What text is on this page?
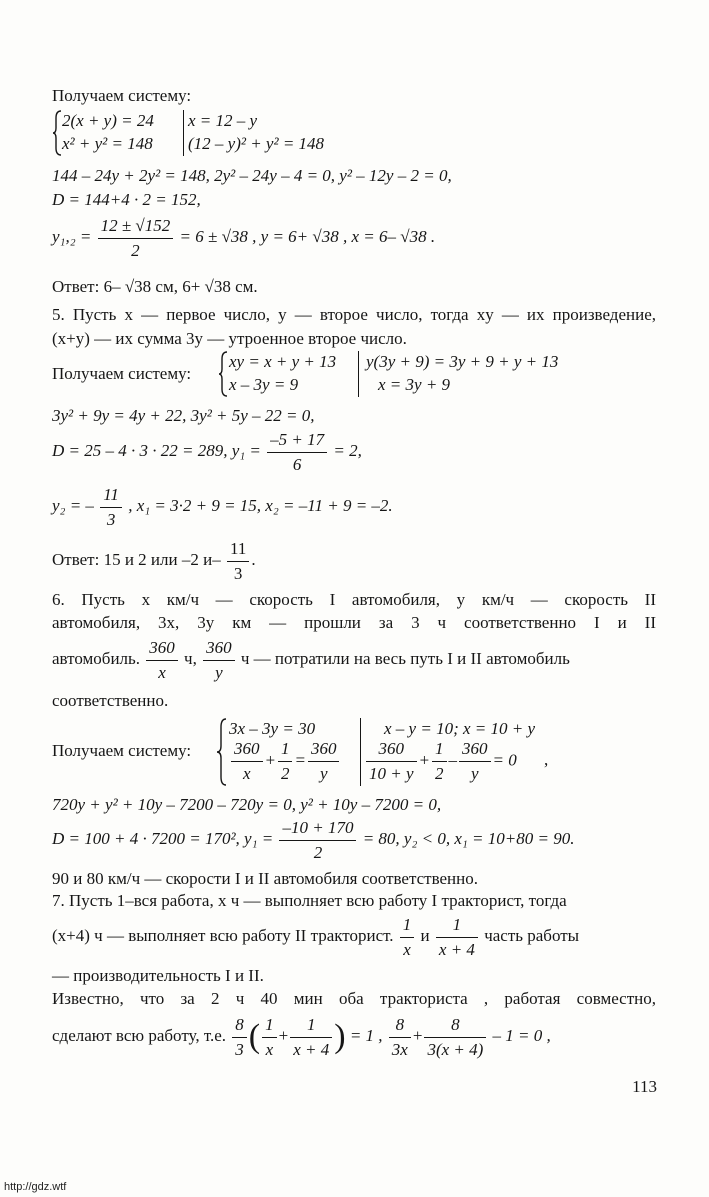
Получаем систему:
2(x + y) = 24
x² + y² = 148
x = 12 – y
(12 – y)² + y² = 148
144 – 24y + 2y² = 148, 2y² – 24y – 4 = 0, y² – 12y – 2 = 0,
D = 144+4 · 2 = 152,
$y_1,_2 = \frac{12 \pm √152}{2} = 6 \pm √38$ , y = 6+ √38 , x = 6– √38 .
Ответ: 6– √38 см, 6+ √38 см.
5. Пусть x — первое число, y — второе число, тогда xy — их произведение,
(x+y) — их сумма 3y — утроенное второе число.
Получаем систему:
xy = x + y + 13
x – 3y = 9
y(3y + 9) = 3y + 9 + y + 13
x = 3y + 9
3y² + 9y = 4y + 22, 3y² + 5y – 22 = 0,
D = 25 – 4 · 3 · 22 = 289, $y_1 = \frac{-5 + 17}{6} = 2$,
y₂ = – $\frac{11}{3}$ , x₁ = 3·2 + 9 = 15, x₂ = –11 + 9 = –2.
Ответ: 15 и 2 или –2 $и- \frac{11}{3}$ .
6. Пусть x км/ч — скорость I автомобиля, y км/ч — скорость II
автомобиля, 3x, 3y км — прошли за 3 ч соответственно I и II
автомобиль. $\frac{360}{x} ч$, $\frac{360}{y}$ ч — потратили на весь путь I и II автомобиль
соответственно.
Получаем систему:
3x – 3y = 30
$\frac{360}{x} + \frac{1}{2} = \frac{360}{y}$
x – y = 10; x = 10 + y
$\frac{360}{10 + y} + \frac{1}{2} - \frac{360}{y} = 0$ ,
720y + y² + 10y – 7200 – 720y = 0, y² + 10y – 7200 = 0,
D = 100 + 4 · 7200 = 170², $y_1 = \frac{-10 + 170}{2} = 80$, y₂ < 0, x₁ = 10+80 = 90.
90 и 80 км/ч — скорости I и II автомобиля соответственно.
7. Пусть 1–вся работа, x ч — выполняет всю работу I тракторист, тогда
(x+4) ч — выполняет всю работу II тракторист. $\frac{1}{x}$ и $\frac{1}{x + 4}$ часть работы
— производительность I и II.
Известно, что за 2 ч 40 мин оба тракториста , работая совместно,
сделают всю работу, т.е. $\frac{8}{3}$ ( $\frac{1}{x} + \frac{1}{x + 4}$ ) = 1 , $\frac{8}{3x} + \frac{8}{3(x + 4)} - 1 = 0$ ,
113
http://gdz.wtf
